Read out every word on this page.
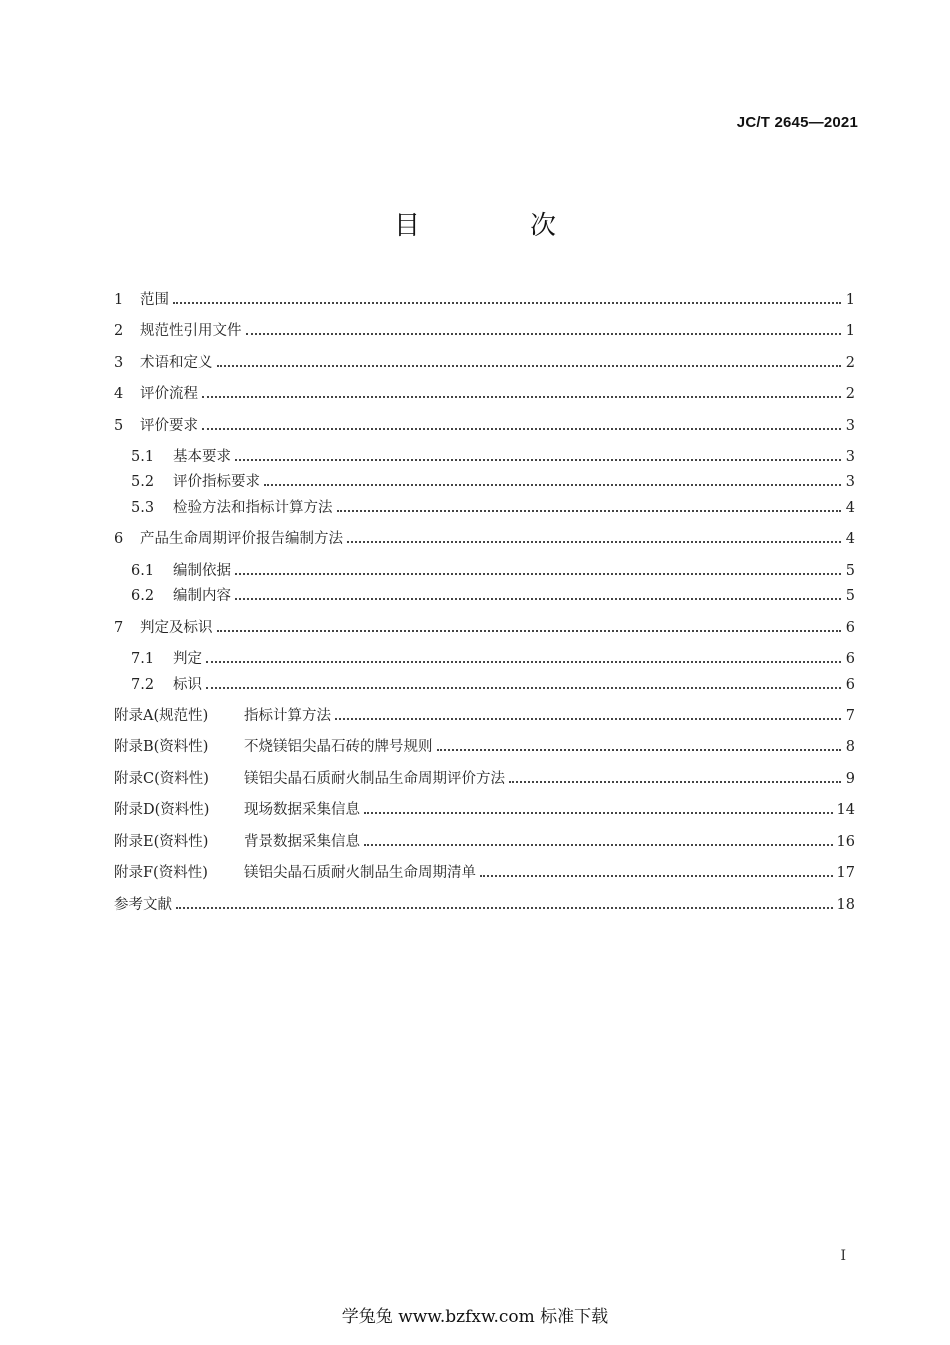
JC/T 2645—2021
目　次
1	范围	1
2	规范性引用文件	1
3	术语和定义	2
4	评价流程	2
5	评价要求	3
5.1	基本要求	3
5.2	评价指标要求	3
5.3	检验方法和指标计算方法	4
6	产品生命周期评价报告编制方法	4
6.1	编制依据	5
6.2	编制内容	5
7	判定及标识	6
7.1	判定	6
7.2	标识	6
附录A(规范性)	指标计算方法	7
附录B(资料性)	不烧镁铝尖晶石砖的牌号规则	8
附录C(资料性)	镁铝尖晶石质耐火制品生命周期评价方法	9
附录D(资料性)	现场数据采集信息	14
附录E(资料性)	背景数据采集信息	16
附录F(资料性)	镁铝尖晶石质耐火制品生命周期清单	17
参考文献	18
I
学兔兔 www.bzfxw.com 标准下载
